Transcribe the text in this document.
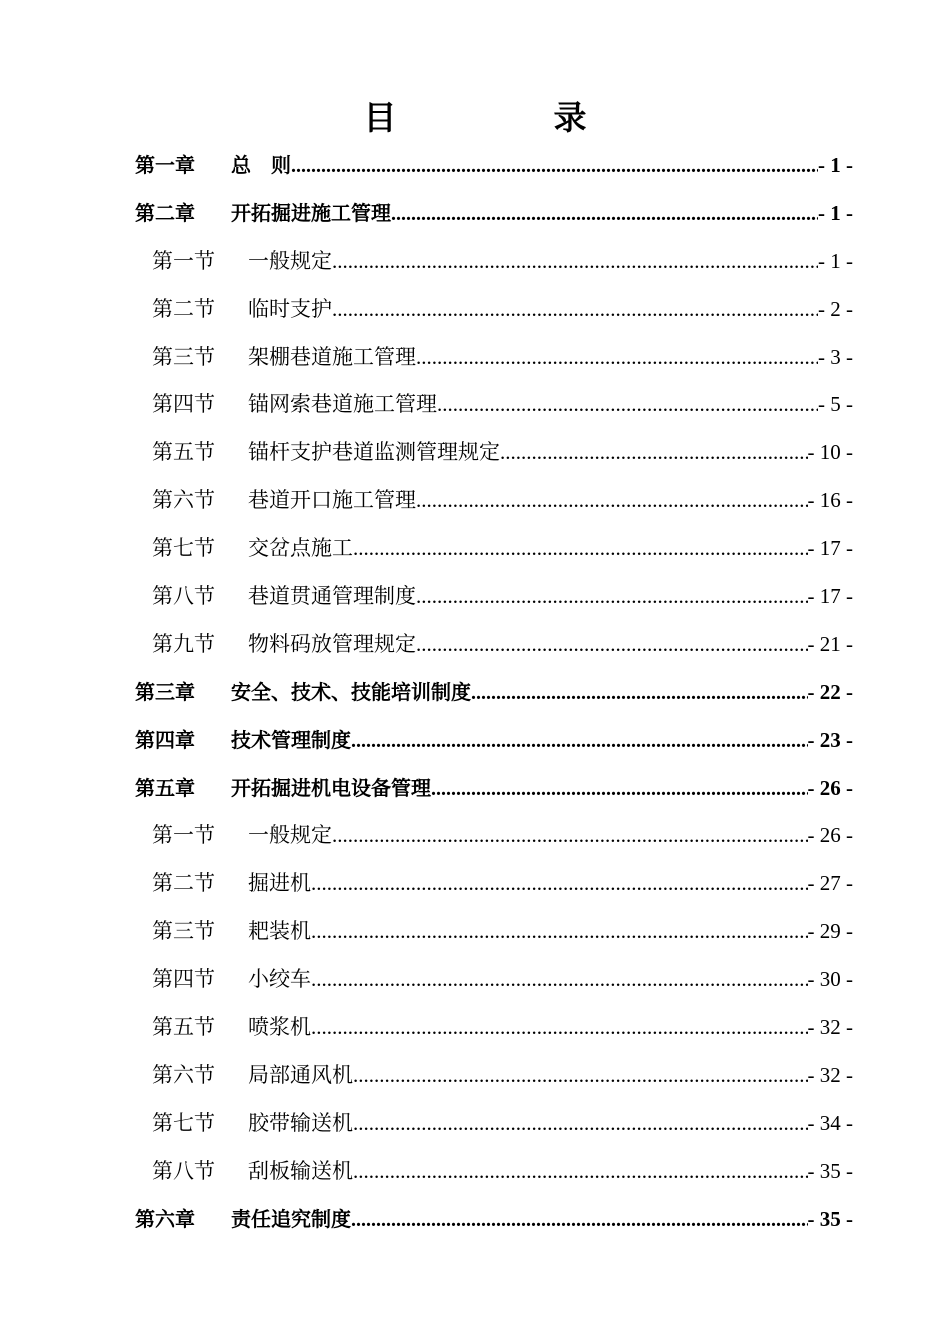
目　录
第一章	总　则 .....	- 1 -
第二章	开拓掘进施工管理 .....	- 1 -
第一节	一般规定 .....	- 1 -
第二节	临时支护 .....	- 2 -
第三节	架棚巷道施工管理 .....	- 3 -
第四节	锚网索巷道施工管理 .....	- 5 -
第五节	锚杆支护巷道监测管理规定 .....	- 10 -
第六节	巷道开口施工管理 .....	- 16 -
第七节	交岔点施工 .....	- 17 -
第八节	巷道贯通管理制度 .....	- 17 -
第九节	物料码放管理规定 .....	- 21 -
第三章	安全、技术、技能培训制度 .....	- 22 -
第四章	技术管理制度 .....	- 23 -
第五章	开拓掘进机电设备管理 .....	- 26 -
第一节	一般规定 .....	- 26 -
第二节	掘进机 .....	- 27 -
第三节	耙装机 .....	- 29 -
第四节	小绞车 .....	- 30 -
第五节	喷浆机 .....	- 32 -
第六节	局部通风机 .....	- 32 -
第七节	胶带输送机 .....	- 34 -
第八节	刮板输送机 .....	- 35 -
第六章	责任追究制度 .....	- 35 -
